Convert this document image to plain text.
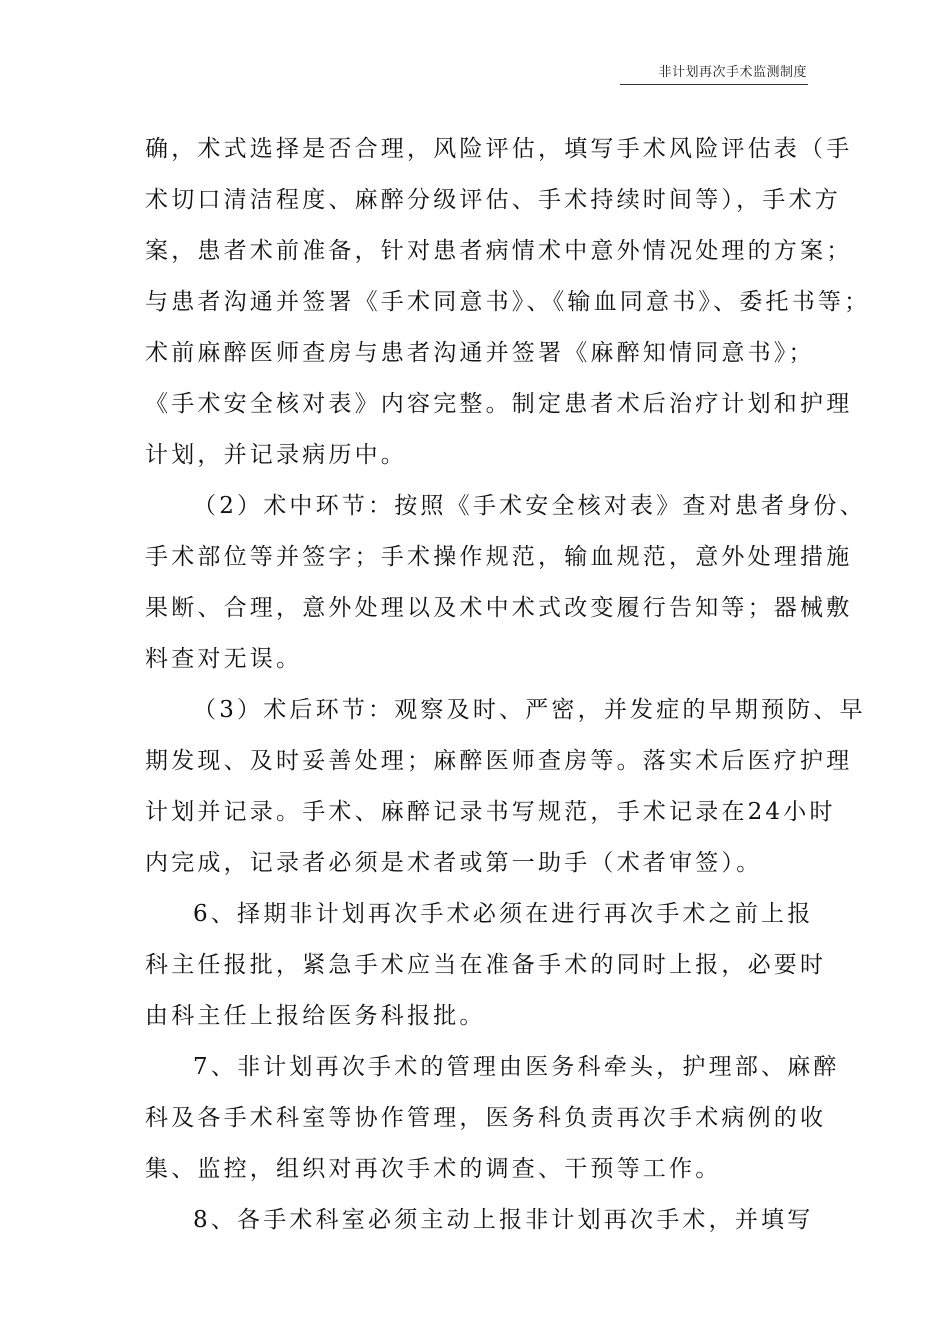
非计划再次手术监测制度
确，术式选择是否合理，风险评估，填写手术风险评估表（手
术切口清洁程度、麻醉分级评估、手术持续时间等），手术方
案，患者术前准备，针对患者病情术中意外情况处理的方案；
与患者沟通并签署《手术同意书》、《输血同意书》、委托书等；
术前麻醉医师查房与患者沟通并签署《麻醉知情同意书》；
《手术安全核对表》内容完整。制定患者术后治疗计划和护理
计划，并记录病历中。
（2）术中环节：按照《手术安全核对表》查对患者身份、
手术部位等并签字；手术操作规范，输血规范，意外处理措施
果断、合理，意外处理以及术中术式改变履行告知等；器械敷
料查对无误。
（3）术后环节：观察及时、严密，并发症的早期预防、早
期发现、及时妥善处理；麻醉医师查房等。落实术后医疗护理
计划并记录。手术、麻醉记录书写规范，手术记录在24小时
内完成，记录者必须是术者或第一助手（术者审签）。
6、择期非计划再次手术必须在进行再次手术之前上报
科主任报批，紧急手术应当在准备手术的同时上报，必要时
由科主任上报给医务科报批。
7、非计划再次手术的管理由医务科牵头，护理部、麻醉
科及各手术科室等协作管理，医务科负责再次手术病例的收
集、监控，组织对再次手术的调查、干预等工作。
8、各手术科室必须主动上报非计划再次手术，并填写
